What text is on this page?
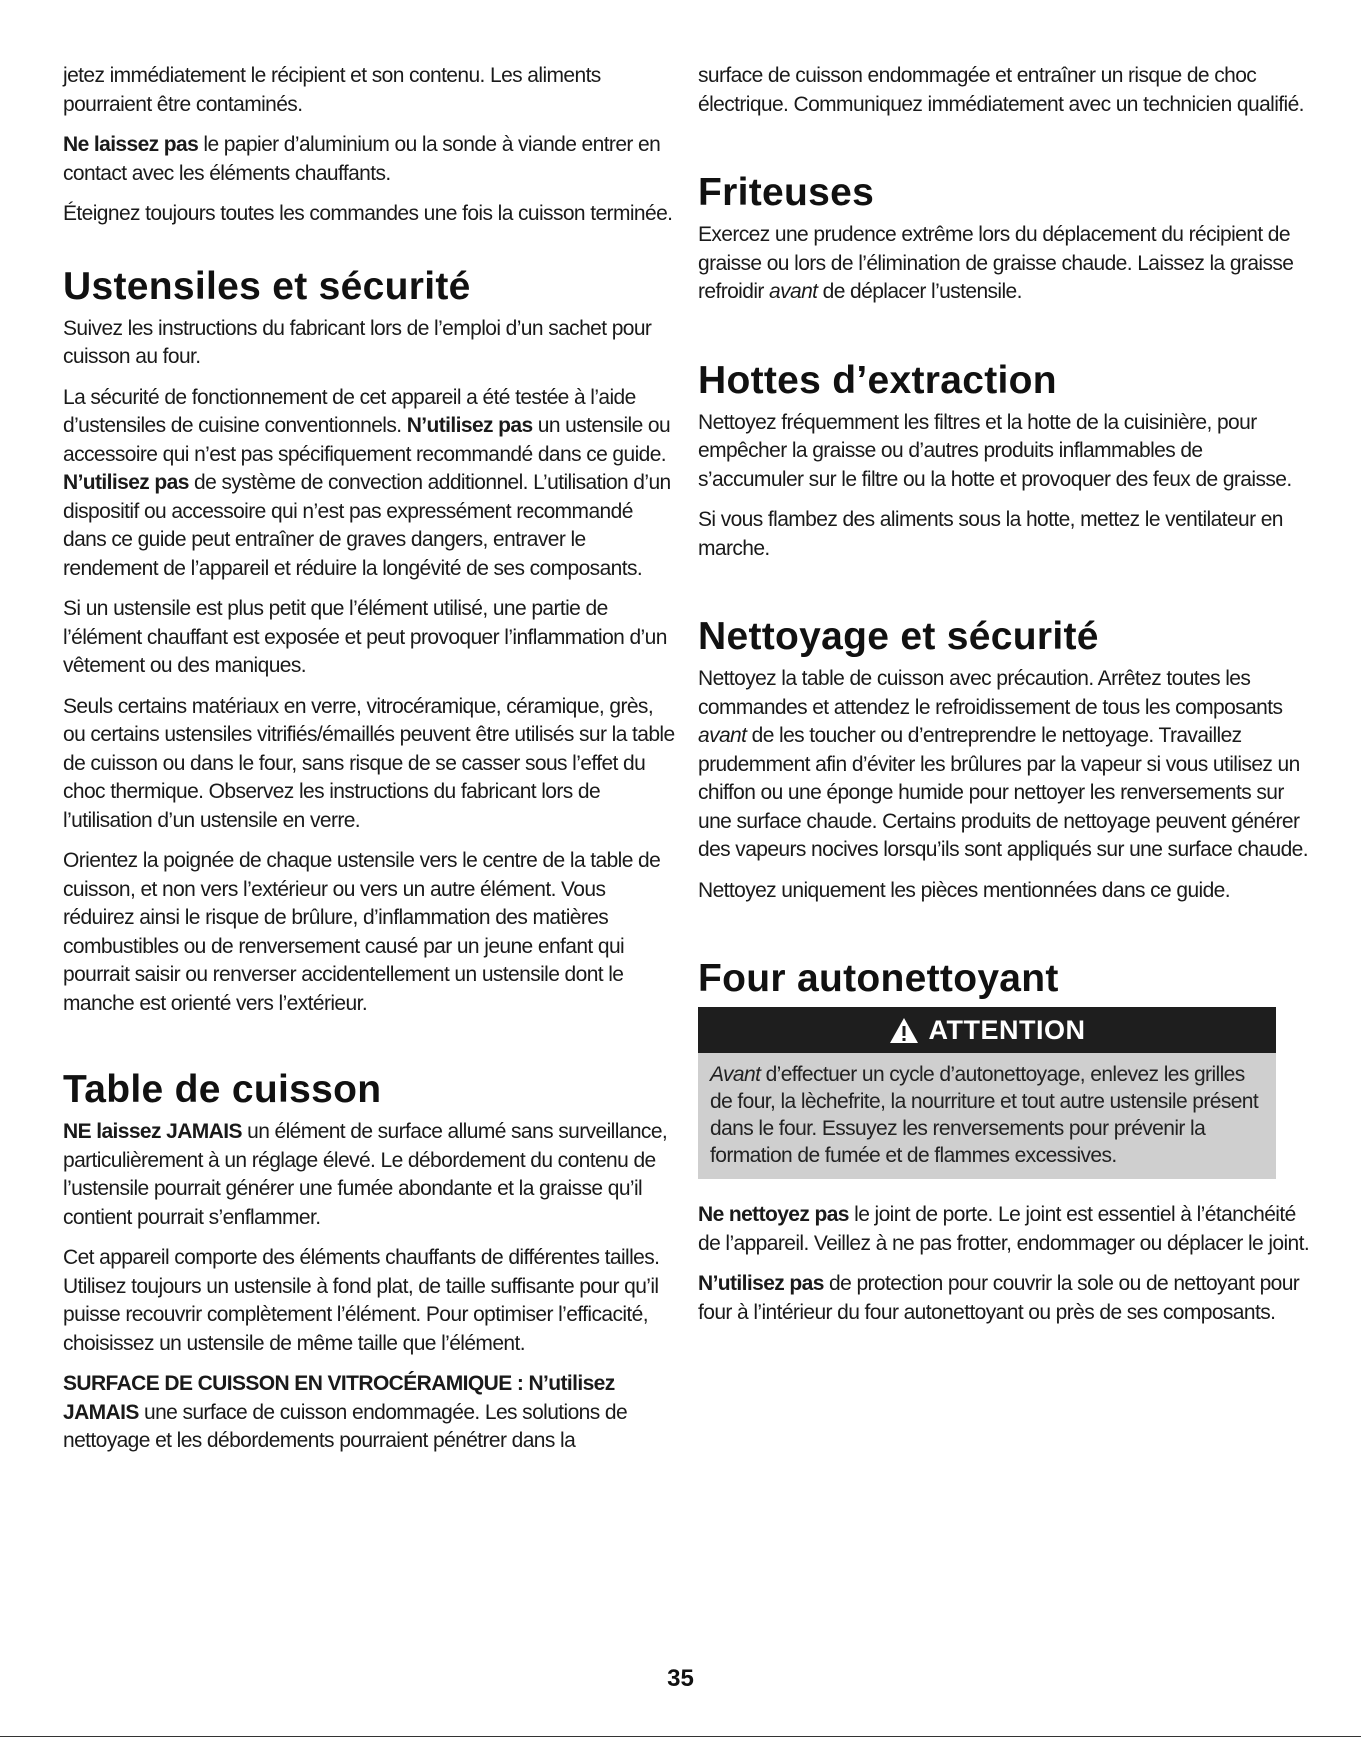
jetez immédiatement le récipient et son contenu. Les aliments pourraient être contaminés.

Ne laissez pas le papier d’aluminium ou la sonde à viande entrer en contact avec les éléments chauffants.

Éteignez toujours toutes les commandes une fois la cuisson terminée.

Ustensiles et sécurité

Suivez les instructions du fabricant lors de l’emploi d’un sachet pour cuisson au four.

La sécurité de fonctionnement de cet appareil a été testée à l’aide d’ustensiles de cuisine conventionnels. N’utilisez pas un ustensile ou accessoire qui n’est pas spécifiquement recommandé dans ce guide. N’utilisez pas de système de convection additionnel. L’utilisation d’un dispositif ou accessoire qui n’est pas expressément recommandé dans ce guide peut entraîner de graves dangers, entraver le rendement de l’appareil et réduire la longévité de ses composants.

Si un ustensile est plus petit que l’élément utilisé, une partie de l’élément chauffant est exposée et peut provoquer l’inflammation d’un vêtement ou des maniques.

Seuls certains matériaux en verre, vitrocéramique, céramique, grès, ou certains ustensiles vitrifiés/émaillés peuvent être utilisés sur la table de cuisson ou dans le four, sans risque de se casser sous l’effet du choc thermique. Observez les instructions du fabricant lors de l’utilisation d’un ustensile en verre.

Orientez la poignée de chaque ustensile vers le centre de la table de cuisson, et non vers l’extérieur ou vers un autre élément. Vous réduirez ainsi le risque de brûlure, d’inflammation des matières combustibles ou de renversement causé par un jeune enfant qui pourrait saisir ou renverser accidentellement un ustensile dont le manche est orienté vers l’extérieur.

Table de cuisson

NE laissez JAMAIS un élément de surface allumé sans surveillance, particulièrement à un réglage élevé. Le débordement du contenu de l’ustensile pourrait générer une fumée abondante et la graisse qu’il contient pourrait s’enflammer.

Cet appareil comporte des éléments chauffants de différentes tailles. Utilisez toujours un ustensile à fond plat, de taille suffisante pour qu’il puisse recouvrir complètement l’élément. Pour optimiser l’efficacité, choisissez un ustensile de même taille que l’élément.

SURFACE DE CUISSON EN VITROCÉRAMIQUE : N’utilisez JAMAIS une surface de cuisson endommagée. Les solutions de nettoyage et les débordements pourraient pénétrer dans la

surface de cuisson endommagée et entraîner un risque de choc électrique. Communiquez immédiatement avec un technicien qualifié.

Friteuses

Exercez une prudence extrême lors du déplacement du récipient de graisse ou lors de l’élimination de graisse chaude. Laissez la graisse refroidir avant de déplacer l’ustensile.

Hottes d’extraction

Nettoyez fréquemment les filtres et la hotte de la cuisinière, pour empêcher la graisse ou d’autres produits inflammables de s’accumuler sur le filtre ou la hotte et provoquer des feux de graisse.

Si vous flambez des aliments sous la hotte, mettez le ventilateur en marche.

Nettoyage et sécurité

Nettoyez la table de cuisson avec précaution. Arrêtez toutes les commandes et attendez le refroidissement de tous les composants avant de les toucher ou d’entreprendre le nettoyage. Travaillez prudemment afin d’éviter les brûlures par la vapeur si vous utilisez un chiffon ou une éponge humide pour nettoyer les renversements sur une surface chaude. Certains produits de nettoyage peuvent générer des vapeurs nocives lorsqu’ils sont appliqués sur une surface chaude.

Nettoyez uniquement les pièces mentionnées dans ce guide.

Four autonettoyant
ATTENTION
Avant d’effectuer un cycle d’autonettoyage, enlevez les grilles de four, la lèchefrite, la nourriture et tout autre ustensile présent dans le four. Essuyez les renversements pour prévenir la formation de fumée et de flammes excessives.

Ne nettoyez pas le joint de porte. Le joint est essentiel à l’étanchéité de l’appareil. Veillez à ne pas frotter, endommager ou déplacer le joint.

N’utilisez pas de protection pour couvrir la sole ou de nettoyant pour four à l’intérieur du four autonettoyant ou près de ses composants.

35
